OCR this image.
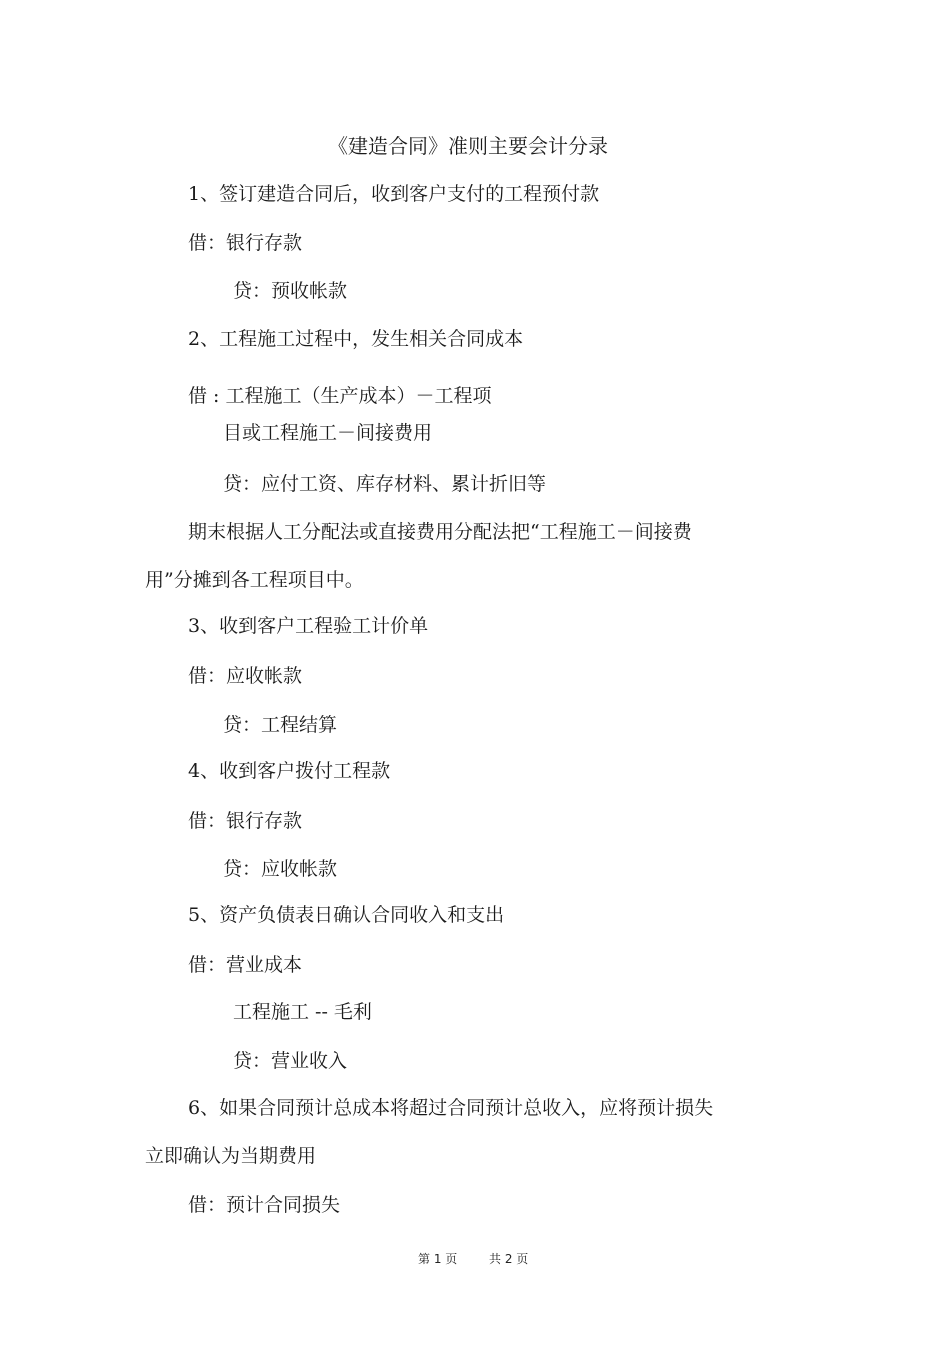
《建造合同》准则主要会计分录
1、签订建造合同后，收到客户支付的工程预付款
借：银行存款
贷：预收帐款
2、工程施工过程中，发生相关合同成本
借 : 工程施工（生产成本）－工程项
目或工程施工－间接费用
贷：应付工资、库存材料、累计折旧等
期末根据人工分配法或直接费用分配法把“工程施工－间接费
用”分摊到各工程项目中。
3、收到客户工程验工计价单
借：应收帐款
贷：工程结算
4、收到客户拨付工程款
借：银行存款
贷：应收帐款
5、资产负债表日确认合同收入和支出
借：营业成本
工程施工 -- 毛利
贷：营业收入
6、如果合同预计总成本将超过合同预计总收入，应将预计损失
立即确认为当期费用
借：预计合同损失
第 1 页	共 2 页
